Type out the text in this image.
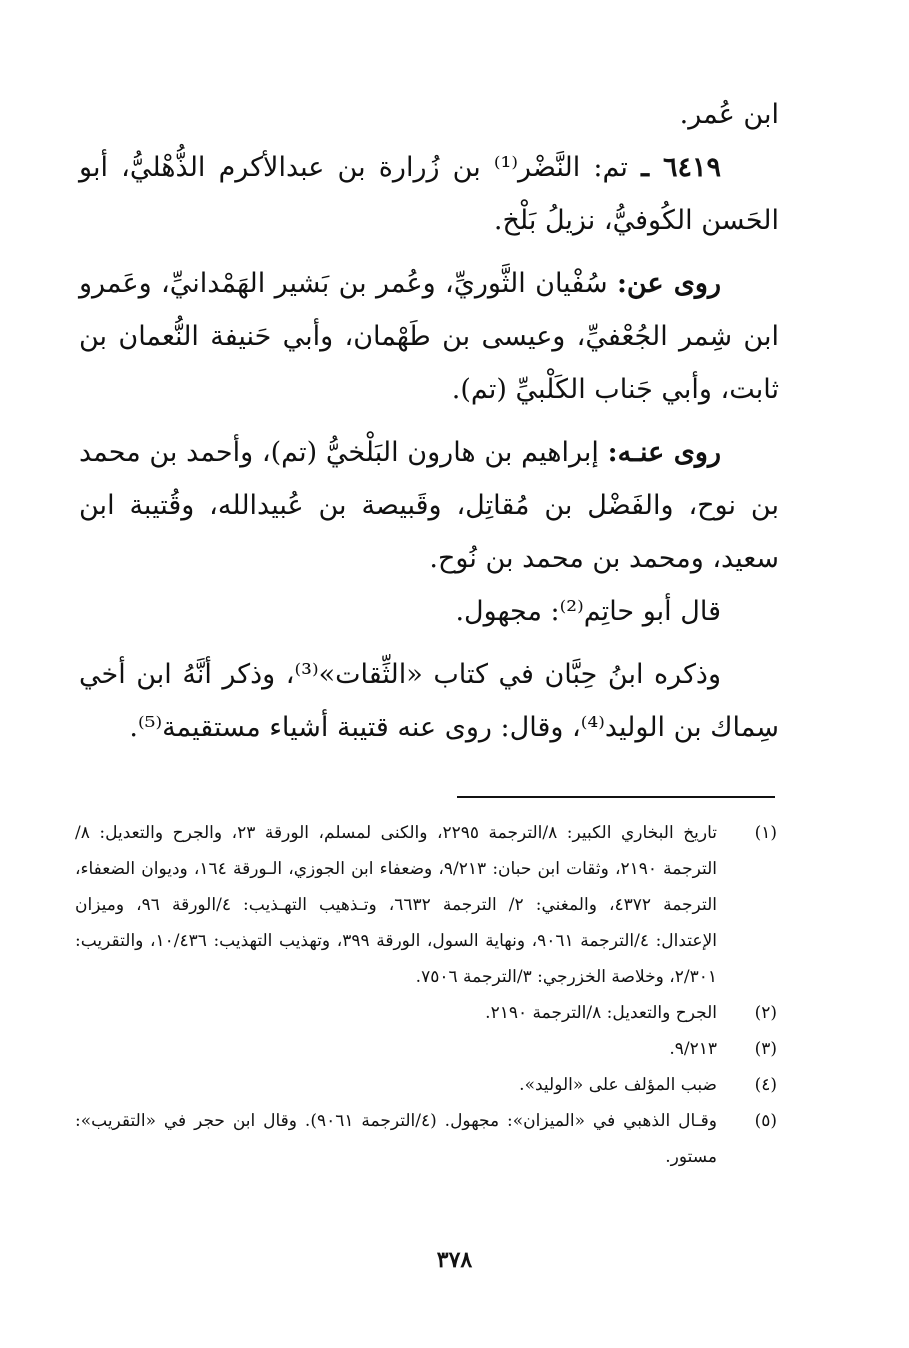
ابن عُمر.

٦٤١٩ ـ تم: النَّضْر⁽¹⁾ بن زُرارة بن عبدالأكرم الذُّهْليُّ، أبو الحَسن الكُوفيُّ، نزيلُ بَلْخ.

روى عن: سُفْيان الثَّوريِّ، وعُمر بن بَشير الهَمْدانيِّ، وعَمرو ابن شِمر الجُعْفيِّ، وعيسى بن طَهْمان، وأبي حَنيفة النُّعمان بن ثابت، وأبي جَناب الكَلْبيِّ (تم).

روى عنـه: إبراهيم بن هارون البَلْخيُّ (تم)، وأحمد بن محمد بن نوح، والفَضْل بن مُقاتِل، وقَبيصة بن عُبيدالله، وقُتيبة ابن سعيد، ومحمد بن محمد بن نُوح.

قال أبو حاتِم⁽²⁾: مجهول.

وذكره ابنُ حِبَّان في كتاب «الثِّقات»⁽³⁾، وذكر أنَّهُ ابن أخي سِماك بن الوليد⁽⁴⁾، وقال: روى عنه قتيبة أشياء مستقيمة⁽⁵⁾.

(١)
تاريخ البخاري الكبير: ٨/الترجمة ٢٢٩٥، والكنى لمسلم، الورقة ٢٣، والجرح والتعديل: ٨/الترجمة ٢١٩٠، وثقات ابن حبان: ٩/٢١٣، وضعفاء ابن الجوزي، الـورقة ١٦٤، وديوان الضعفاء، الترجمة ٤٣٧٢، والمغني: ٢/ الترجمة ٦٦٣٢، وتـذهيب التهـذيب: ٤/الورقة ٩٦، وميزان الإعتدال: ٤/الترجمة ٩٠٦١، ونهاية السول، الورقة ٣٩٩، وتهذيب التهذيب: ١٠/٤٣٦، والتقريب: ٢/٣٠١، وخلاصة الخزرجي: ٣/الترجمة ٧٥٠٦.
(٢)
الجرح والتعديل: ٨/الترجمة ٢١٩٠.
(٣)
٩/٢١٣.
(٤)
ضبب المؤلف على «الوليد».
(٥)
وقـال الذهبي في «الميزان»: مجهول. (٤/الترجمة ٩٠٦١). وقال ابن حجر في «التقريب»: مستور.
٣٧٨
